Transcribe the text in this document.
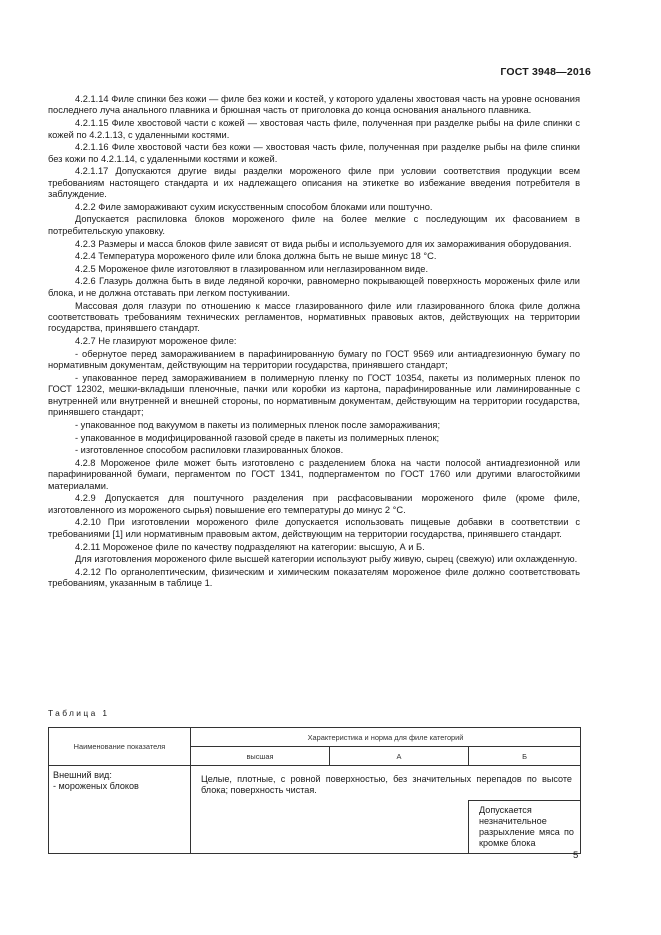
ГОСТ 3948—2016

4.2.1.14 Филе спинки без кожи — филе без кожи и костей, у которого удалены хвостовая часть на уровне основания последнего луча анального плавника и брюшная часть от приголовка до конца основания анального плавника.

4.2.1.15 Филе хвостовой части с кожей — хвостовая часть филе, полученная при разделке рыбы на филе спинки с кожей по 4.2.1.13, с удаленными костями.

4.2.1.16 Филе хвостовой части без кожи — хвостовая часть филе, полученная при разделке рыбы на филе спинки без кожи по 4.2.1.14, с удаленными костями и кожей.

4.2.1.17 Допускаются другие виды разделки мороженого филе при условии соответствия продукции всем требованиям настоящего стандарта и их надлежащего описания на этикетке во избежание введения потребителя в заблуждение.

4.2.2 Филе замораживают сухим искусственным способом блоками или поштучно.

Допускается распиловка блоков мороженого филе на более мелкие с последующим их фасованием в потребительскую упаковку.

4.2.3 Размеры и масса блоков филе зависят от вида рыбы и используемого для их замораживания оборудования.

4.2.4 Температура мороженого филе или блока должна быть не выше минус 18 °С.

4.2.5 Мороженое филе изготовляют в глазированном или неглазированном виде.

4.2.6 Глазурь должна быть в виде ледяной корочки, равномерно покрывающей поверхность мороженых филе или блока, и не должна отставать при легком постукивании.

Массовая доля глазури по отношению к массе глазированного филе или глазированного блока филе должна соответствовать требованиям технических регламентов, нормативных правовых актов, действующих на территории государства, принявшего стандарт.

4.2.7 Не глазируют мороженое филе:

- обернутое перед замораживанием в парафинированную бумагу по ГОСТ 9569 или антиадгезионную бумагу по нормативным документам, действующим на территории государства, принявшего стандарт;

- упакованное перед замораживанием в полимерную пленку по ГОСТ 10354, пакеты из полимерных пленок по ГОСТ 12302, мешки-вкладыши пленочные, пачки или коробки из картона, парафинированные или ламинированные с внутренней или внутренней и внешней стороны, по нормативным документам, действующим на территории государства, принявшего стандарт;

- упакованное под вакуумом в пакеты из полимерных пленок после замораживания;

- упакованное в модифицированной газовой среде в пакеты из полимерных пленок;

- изготовленное способом распиловки глазированных блоков.

4.2.8 Мороженое филе может быть изготовлено с разделением блока на части полосой антиадгезионной или парафинированной бумаги, пергаментом по ГОСТ 1341, подпергаментом по ГОСТ 1760 или другими влагостойкими материалами.

4.2.9 Допускается для поштучного разделения при расфасовывании мороженого филе (кроме филе, изготовленного из мороженого сырья) повышение его температуры до минус 2 °С.

4.2.10 При изготовлении мороженого филе допускается использовать пищевые добавки в соответствии с требованиями [1] или нормативным правовым актом, действующим на территории государства, принявшего стандарт.

4.2.11 Мороженое филе по качеству подразделяют на категории: высшую, А и Б.

Для изготовления мороженого филе высшей категории используют рыбу живую, сырец (свежую) или охлажденную.

4.2.12 По органолептическим, физическим и химическим показателям мороженое филе должно соответствовать требованиям, указанным в таблице 1.

Таблица 1
Наименование показателя	Характеристика и норма для филе категорий		
	высшая	А	Б

Внешний вид:
- мороженых блоков	Целые, плотные, с ровной поверхностью, без значительных перепадов по высоте блока; поверхность чистая.		
			Допускается незначительное разрыхление мяса по кромке блока
5
